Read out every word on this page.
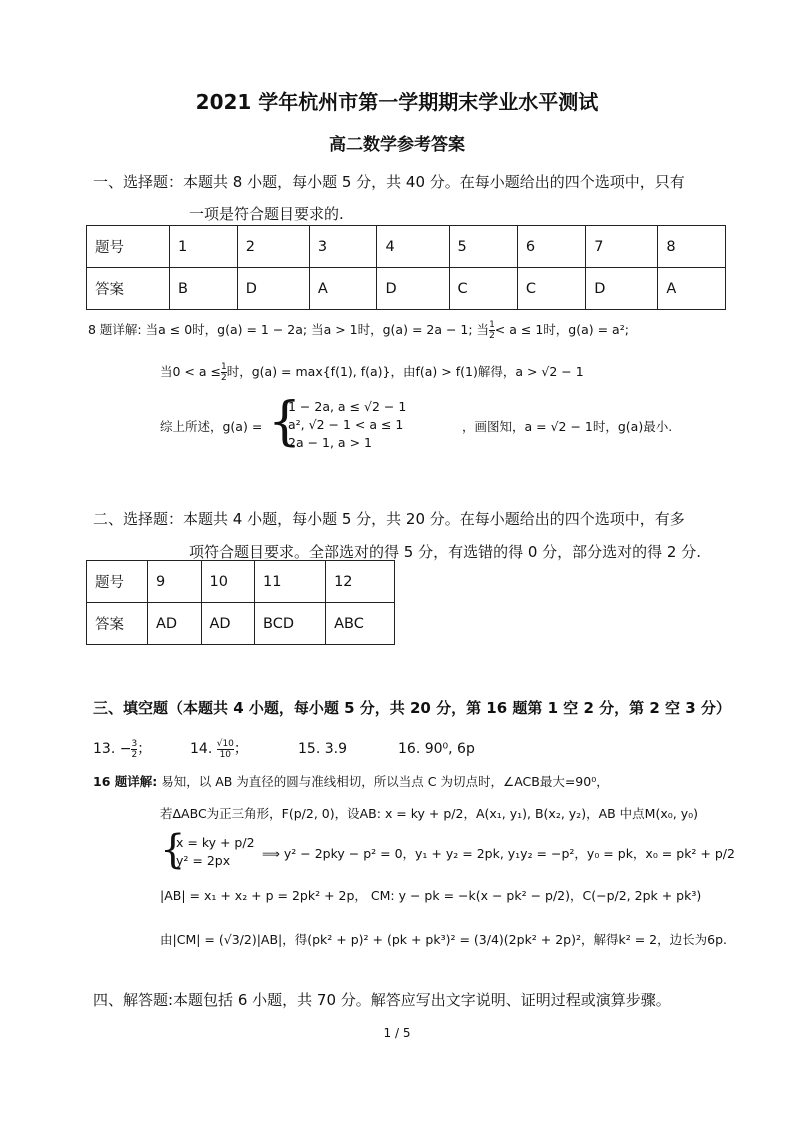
2021 学年杭州市第一学期期末学业水平测试
高二数学参考答案
一、选择题：本题共 8 小题，每小题 5 分，共 40 分。在每小题给出的四个选项中，只有
一项是符合题目要求的.
题号	1	2	3	4	5	6	7	8
答案	B	D	A	D	C	C	D	A
8 题详解: 当a ≤ 0时，g(a) = 1 − 2a; 当a > 1时，g(a) = 2a − 1; 当 $\frac{1}{2} < a \le 1$时，g(a) = a²;
当$0 < a \le \frac{1}{2}$ 时，g(a) = max{f(1), f(a)}，由f(a) > f(1)解得，a > √2 − 1
综上所述，g(a) = {
1 − 2a, a ≤ √2 − 1
a², √2 − 1 < a ≤ 1
2a − 1, a > 1
，画图知，a = √2 − 1时，g(a)最小.
二、选择题：本题共 4 小题，每小题 5 分，共 20 分。在每小题给出的四个选项中，有多
项符合题目要求。全部选对的得 5 分，有选错的得 0 分，部分选对的得 2 分.
题号	9	10	11	12
答案	AD	AD	BCD	ABC
三、填空题（本题共 4 小题，每小题 5 分，共 20 分，第 16 题第 1 空 2 分，第 2 空 3 分）
13. − $\frac{3}{2}$ ；	14. $\frac{√10}{10}$ ；	15. 3.9	16. 90⁰, 6p
16 题详解: 易知，以 AB 为直径的圆与准线相切，所以当点 C 为切点时，∠ACB最大=90⁰，
若ΔABC为正三角形，F(p/2, 0)，设AB: x = ky + p/2，A(x₁, y₁), B(x₂, y₂)，AB 中点M(x₀, y₀)
{
x = ky + p/2
y² = 2px	⟹ y² − 2pky − p² = 0，y₁ + y₂ = 2pk, y₁y₂ = −p²，y₀ = pk，x₀ = pk² + p/2
|AB| = x₁ + x₂ + p = 2pk² + 2p， CM: y − pk = −k(x − pk² − p/2)，C(−p/2, 2pk + pk³)
由|CM| = (√3/2)|AB|，得(pk² + p)² + (pk + pk³)² = (3/4)(2pk² + 2p)²，解得k² = 2，边长为6p.
四、解答题:本题包括 6 小题，共 70 分。解答应写出文字说明、证明过程或演算步骤。
1 / 5
